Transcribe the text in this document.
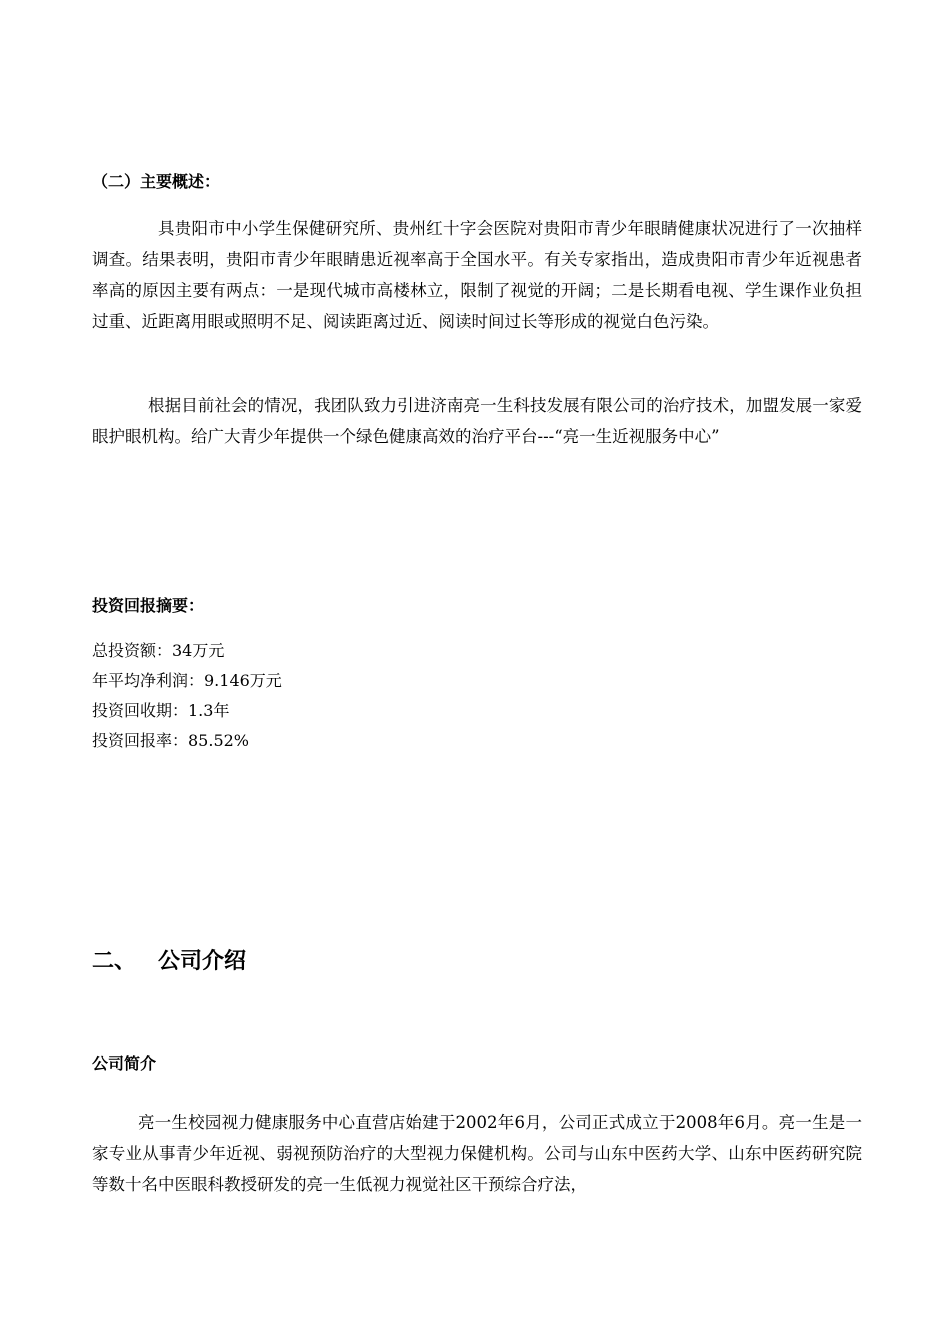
（二）主要概述：

具贵阳市中小学生保健研究所、贵州红十字会医院对贵阳市青少年眼睛健康状况进行了一次抽样调查。结果表明，贵阳市青少年眼睛患近视率高于全国水平。有关专家指出，造成贵阳市青少年近视患者率高的原因主要有两点：一是现代城市高楼林立，限制了视觉的开阔；二是长期看电视、学生课作业负担过重、近距离用眼或照明不足、阅读距离过近、阅读时间过长等形成的视觉白色污染。

根据目前社会的情况，我团队致力引进济南亮一生科技发展有限公司的治疗技术，加盟发展一家爱眼护眼机构。给广大青少年提供一个绿色健康高效的治疗平台---“亮一生近视服务中心”

投资回报摘要：
总投资额：34万元
年平均净利润：9.146万元
投资回收期：1.3年
投资回报率：85.52%
二、 公司介绍
公司简介

亮一生校园视力健康服务中心直营店始建于2002年6月，公司正式成立于2008年6月。亮一生是一家专业从事青少年近视、弱视预防治疗的大型视力保健机构。公司与山东中医药大学、山东中医药研究院等数十名中医眼科教授研发的亮一生低视力视觉社区干预综合疗法，
